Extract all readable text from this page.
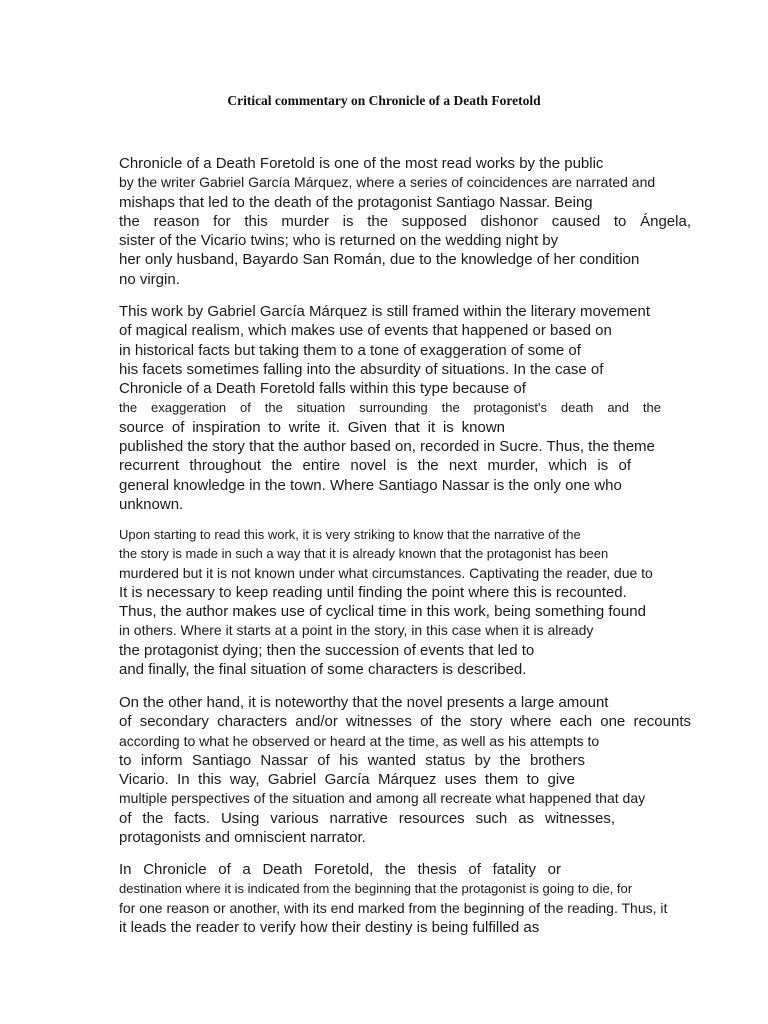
Critical commentary on Chronicle of a Death Foretold
Chronicle of a Death Foretold is one of the most read works by the public
by the writer Gabriel García Márquez, where a series of coincidences are narrated and
mishaps that led to the death of the protagonist Santiago Nassar. Being
the reason for this murder is the supposed dishonor caused to Ángela,
sister of the Vicario twins; who is returned on the wedding night by
her only husband, Bayardo San Román, due to the knowledge of her condition
no virgin.
This work by Gabriel García Márquez is still framed within the literary movement
of magical realism, which makes use of events that happened or based on
in historical facts but taking them to a tone of exaggeration of some of
his facets sometimes falling into the absurdity of situations. In the case of
Chronicle of a Death Foretold falls within this type because of
the exaggeration of the situation surrounding the protagonist's death and the
source of inspiration to write it. Given that it is known
published the story that the author based on, recorded in Sucre. Thus, the theme
recurrent throughout the entire novel is the next murder, which is of
general knowledge in the town. Where Santiago Nassar is the only one who
unknown.
Upon starting to read this work, it is very striking to know that the narrative of the
the story is made in such a way that it is already known that the protagonist has been
murdered but it is not known under what circumstances. Captivating the reader, due to
It is necessary to keep reading until finding the point where this is recounted.
Thus, the author makes use of cyclical time in this work, being something found
in others. Where it starts at a point in the story, in this case when it is already
the protagonist dying; then the succession of events that led to
and finally, the final situation of some characters is described.
On the other hand, it is noteworthy that the novel presents a large amount
of secondary characters and/or witnesses of the story where each one recounts
according to what he observed or heard at the time, as well as his attempts to
to inform Santiago Nassar of his wanted status by the brothers
Vicario. In this way, Gabriel García Márquez uses them to give
multiple perspectives of the situation and among all recreate what happened that day
of the facts. Using various narrative resources such as witnesses,
protagonists and omniscient narrator.
In Chronicle of a Death Foretold, the thesis of fatality or
destination where it is indicated from the beginning that the protagonist is going to die, for
for one reason or another, with its end marked from the beginning of the reading. Thus, it
it leads the reader to verify how their destiny is being fulfilled as
